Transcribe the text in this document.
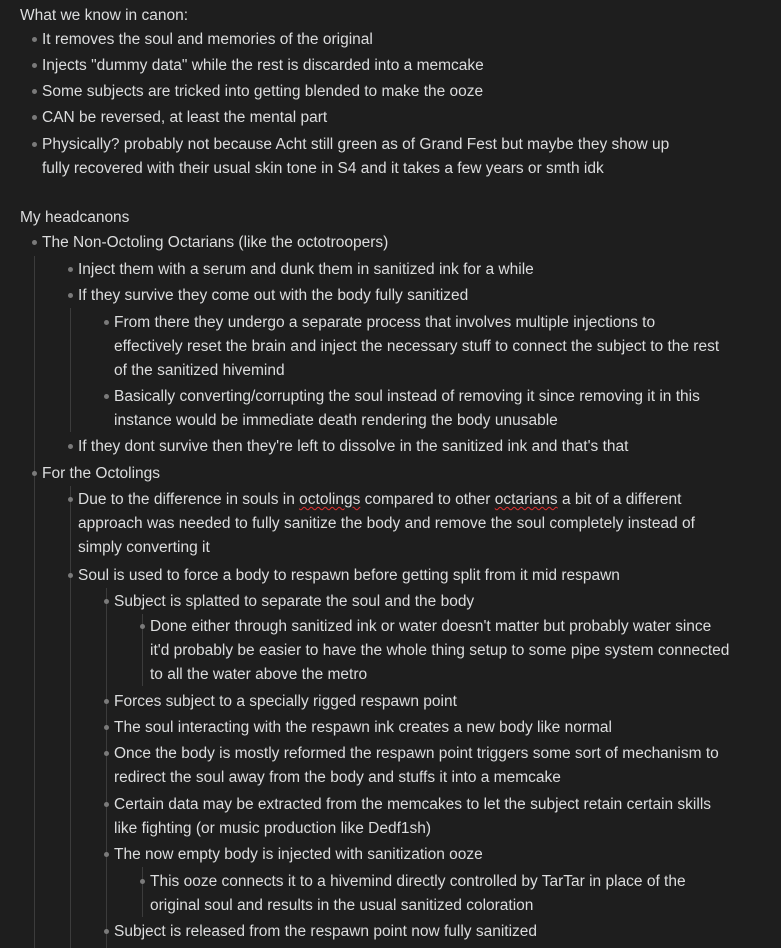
What we know in canon:
It removes the soul and memories of the original
Injects "dummy data" while the rest is discarded into a memcake
Some subjects are tricked into getting blended to make the ooze
CAN be reversed, at least the mental part
Physically? probably not because Acht still green as of Grand Fest but maybe they show up fully recovered with their usual skin tone in S4 and it takes a few years or smth idk
My headcanons
The Non-Octoling Octarians (like the octotroopers)
Inject them with a serum and dunk them in sanitized ink for a while
If they survive they come out with the body fully sanitized
From there they undergo a separate process that involves multiple injections to effectively reset the brain and inject the necessary stuff to connect the subject to the rest of the sanitized hivemind
Basically converting/corrupting the soul instead of removing it since removing it in this instance would be immediate death rendering the body unusable
If they dont survive then they're left to dissolve in the sanitized ink and that's that
For the Octolings
Due to the difference in souls in octolings compared to other octarians a bit of a different approach was needed to fully sanitize the body and remove the soul completely instead of simply converting it
Soul is used to force a body to respawn before getting split from it mid respawn
Subject is splatted to separate the soul and the body
Done either through sanitized ink or water doesn't matter but probably water since it'd probably be easier to have the whole thing setup to some pipe system connected to all the water above the metro
Forces subject to a specially rigged respawn point
The soul interacting with the respawn ink creates a new body like normal
Once the body is mostly reformed the respawn point triggers some sort of mechanism to redirect the soul away from the body and stuffs it into a memcake
Certain data may be extracted from the memcakes to let the subject retain certain skills like fighting (or music production like Dedf1sh)
The now empty body is injected with sanitization ooze
This ooze connects it to a hivemind directly controlled by TarTar in place of the original soul and results in the usual sanitized coloration
Subject is released from the respawn point now fully sanitized
